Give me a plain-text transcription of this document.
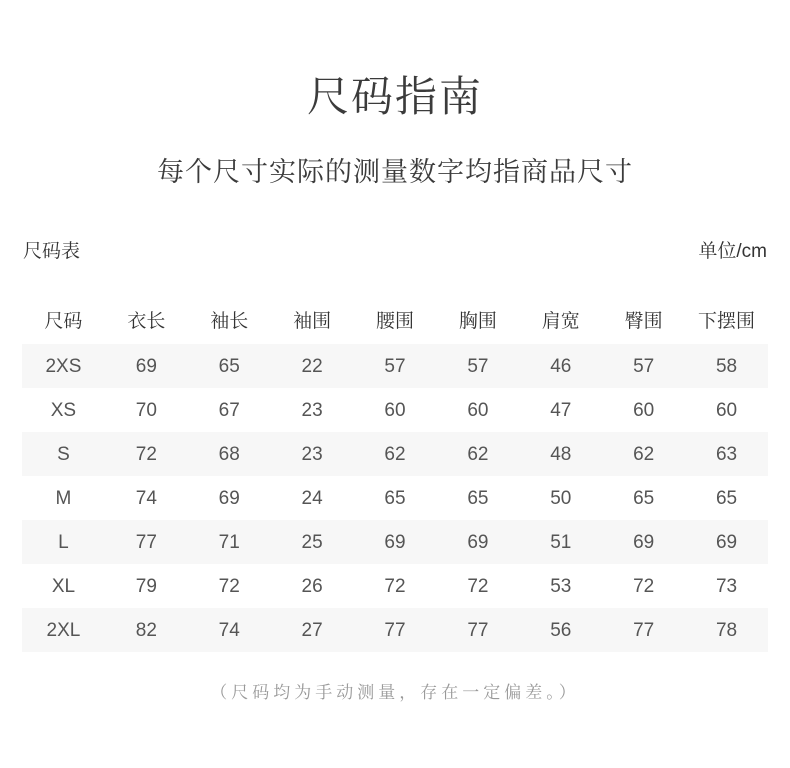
尺码指南
每个尺寸实际的测量数字均指商品尺寸
尺码表	单位/cm
尺码	衣长	袖长	袖围	腰围	胸围	肩宽	臀围	下摆围
2XS	69	65	22	57	57	46	57	58
XS	70	67	23	60	60	47	60	60
S	72	68	23	62	62	48	62	63
M	74	69	24	65	65	50	65	65
L	77	71	25	69	69	51	69	69
XL	79	72	26	72	72	53	72	73
2XL	82	74	27	77	77	56	77	78
（尺码均为手动测量，存在一定偏差。）
